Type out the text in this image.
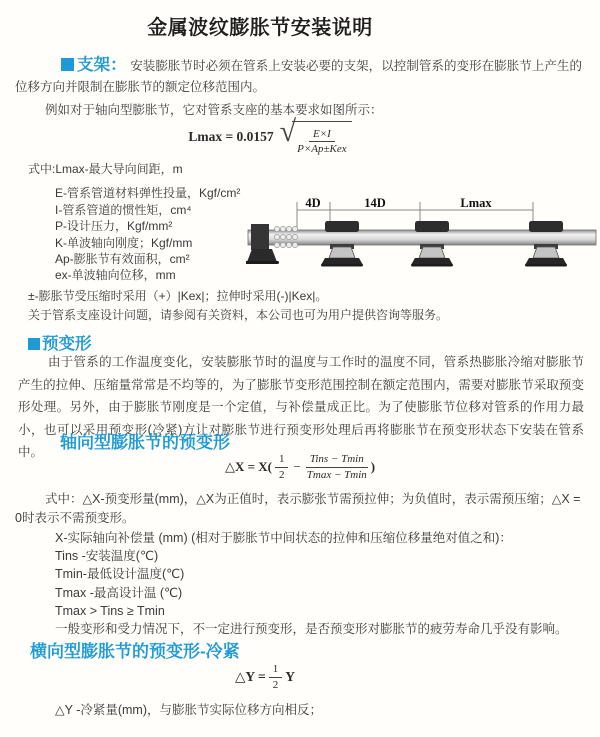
金属波纹膨胀节安装说明

支架： 安装膨胀节时必须在管系上安装必要的支架，以控制管系的变形在膨胀节上产生的位移方向并限制在膨胀节的额定位移范围内。

例如对于轴向型膨胀节，它对管系支座的基本要求如图所示：

Lmax = 0.0157 √ $\frac{E\times I}{\text{P×Ap±Kex}}$
式中:Lmax-最大导向间距，m
E-管系管道材料弹性投量，Kgf/cm²
I-管系管道的惯性矩，cm⁴
P-设计压力，Kgf/mm²
K-单波轴向刚度；Kgf/mm
Ap-膨胀节有效面积，cm²
ex-单波轴向位移，mm
±-膨胀节受压缩时采用（+）|Kex|；拉伸时采用(-)|Kex|。

关于管系支座设计问题，请参阅有关资料，本公司也可为用户提供咨询等服务。

4D	14D	Lmax
预变形

由于管系的工作温度变化，安装膨胀节时的温度与工作时的温度不同，管系热膨胀冷缩对膨胀节产生的拉伸、压缩量常常是不均等的，为了膨胀节变形范围控制在额定范围内，需要对膨胀节采取预变形处理。另外，由于膨胀节刚度是一个定值，与补偿量成正比。为了使膨胀节位移对管系的作用力最小，也可以采用预变形(冷紧)方让对膨胀节进行预变形处理后再将膨胀节在预变形状态下安装在管系中。

轴向型膨胀节的预变形
△X = $X( \frac{1}{2} - \frac{\text{Tins − Tmin}}{Tmax - Tmin}$ )

式中：△X-预变形量(mm)，△X为正值时，表示膨张节需预拉伸；为负值时，表示需预压缩；△X = 0时表示不需预变形。

X-实际轴向补偿量 (mm) (相对于膨胀节中间状态的拉伸和压缩位移量绝对值之和)：
Tins -安装温度(℃)
Tmin-最低设计温度(℃)
Tmax -最高设计温 (℃)
Tmax > Tins ≥ Tmin
一般变形和受力情况下，不一定进行预变形，是否预变形对膨胀节的疲劳寿命几乎没有影响。
横向型膨胀节的预变形-冷紧
△Y = $\frac{1}{2}$ Y

△Y -冷紧量(mm)，与膨胀节实际位移方向相反；
